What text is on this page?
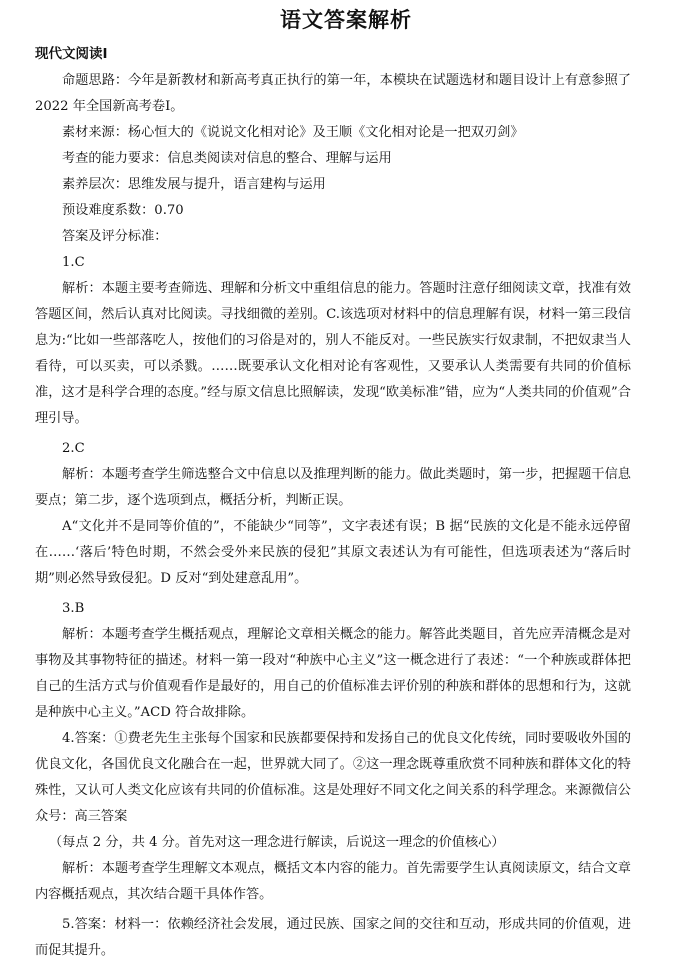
语文答案解析
现代文阅读I

命题思路：今年是新教材和新高考真正执行的第一年，本模块在试题选材和题目设计上有意参照了 2022 年全国新高考卷I。

素材来源：杨心恒大的《说说文化相对论》及王顺《文化相对论是一把双刃剑》

考查的能力要求：信息类阅读对信息的整合、理解与运用

素养层次：思维发展与提升，语言建构与运用

预设难度系数：0.70

答案及评分标准：

1.C

解析：本题主要考查筛选、理解和分析文中重组信息的能力。答题时注意仔细阅读文章，找准有效答题区间，然后认真对比阅读。寻找细微的差别。C.该选项对材料中的信息理解有误，材料一第三段信息为:“比如一些部落吃人，按他们的习俗是对的，别人不能反对。一些民族实行奴隶制，不把奴隶当人看待，可以买卖，可以杀戮。……既要承认文化相对论有客观性，又要承认人类需要有共同的价值标准，这才是科学合理的态度。”经与原文信息比照解读，发现“欧美标准”错，应为“人类共同的价值观”合理引导。

2.C

解析：本题考查学生筛选整合文中信息以及推理判断的能力。做此类题时，第一步，把握题干信息要点；第二步，逐个选项到点，概括分析，判断正误。

A“文化并不是同等价值的”，不能缺少“同等”，文字表述有误；B 据“民族的文化是不能永远停留在……‘落后’特色时期，不然会受外来民族的侵犯”其原文表述认为有可能性，但选项表述为“落后时期”则必然导致侵犯。D 反对“到处建意乱用”。

3.B

解析：本题考查学生概括观点，理解论文章相关概念的能力。解答此类题目，首先应弄清概念是对事物及其事物特征的描述。材料一第一段对“种族中心主义”这一概念进行了表述：“一个种族或群体把自己的生活方式与价值观看作是最好的，用自己的价值标准去评价别的种族和群体的思想和行为，这就是种族中心主义。”ACD 符合故排除。

4.答案：①费老先生主张每个国家和民族都要保持和发扬自己的优良文化传统，同时要吸收外国的优良文化，各国优良文化融合在一起，世界就大同了。②这一理念既尊重欣赏不同种族和群体文化的特殊性，又认可人类文化应该有共同的价值标准。这是处理好不同文化之间关系的科学理念。来源微信公众号：高三答案

（每点 2 分，共 4 分。首先对这一理念进行解读，后说这一理念的价值核心）

解析：本题考查学生理解文本观点，概括文本内容的能力。首先需要学生认真阅读原文，结合文章内容概括观点，其次结合题干具体作答。

5.答案：材料一：依赖经济社会发展，通过民族、国家之间的交往和互动，形成共同的价值观，进而促其提升。
